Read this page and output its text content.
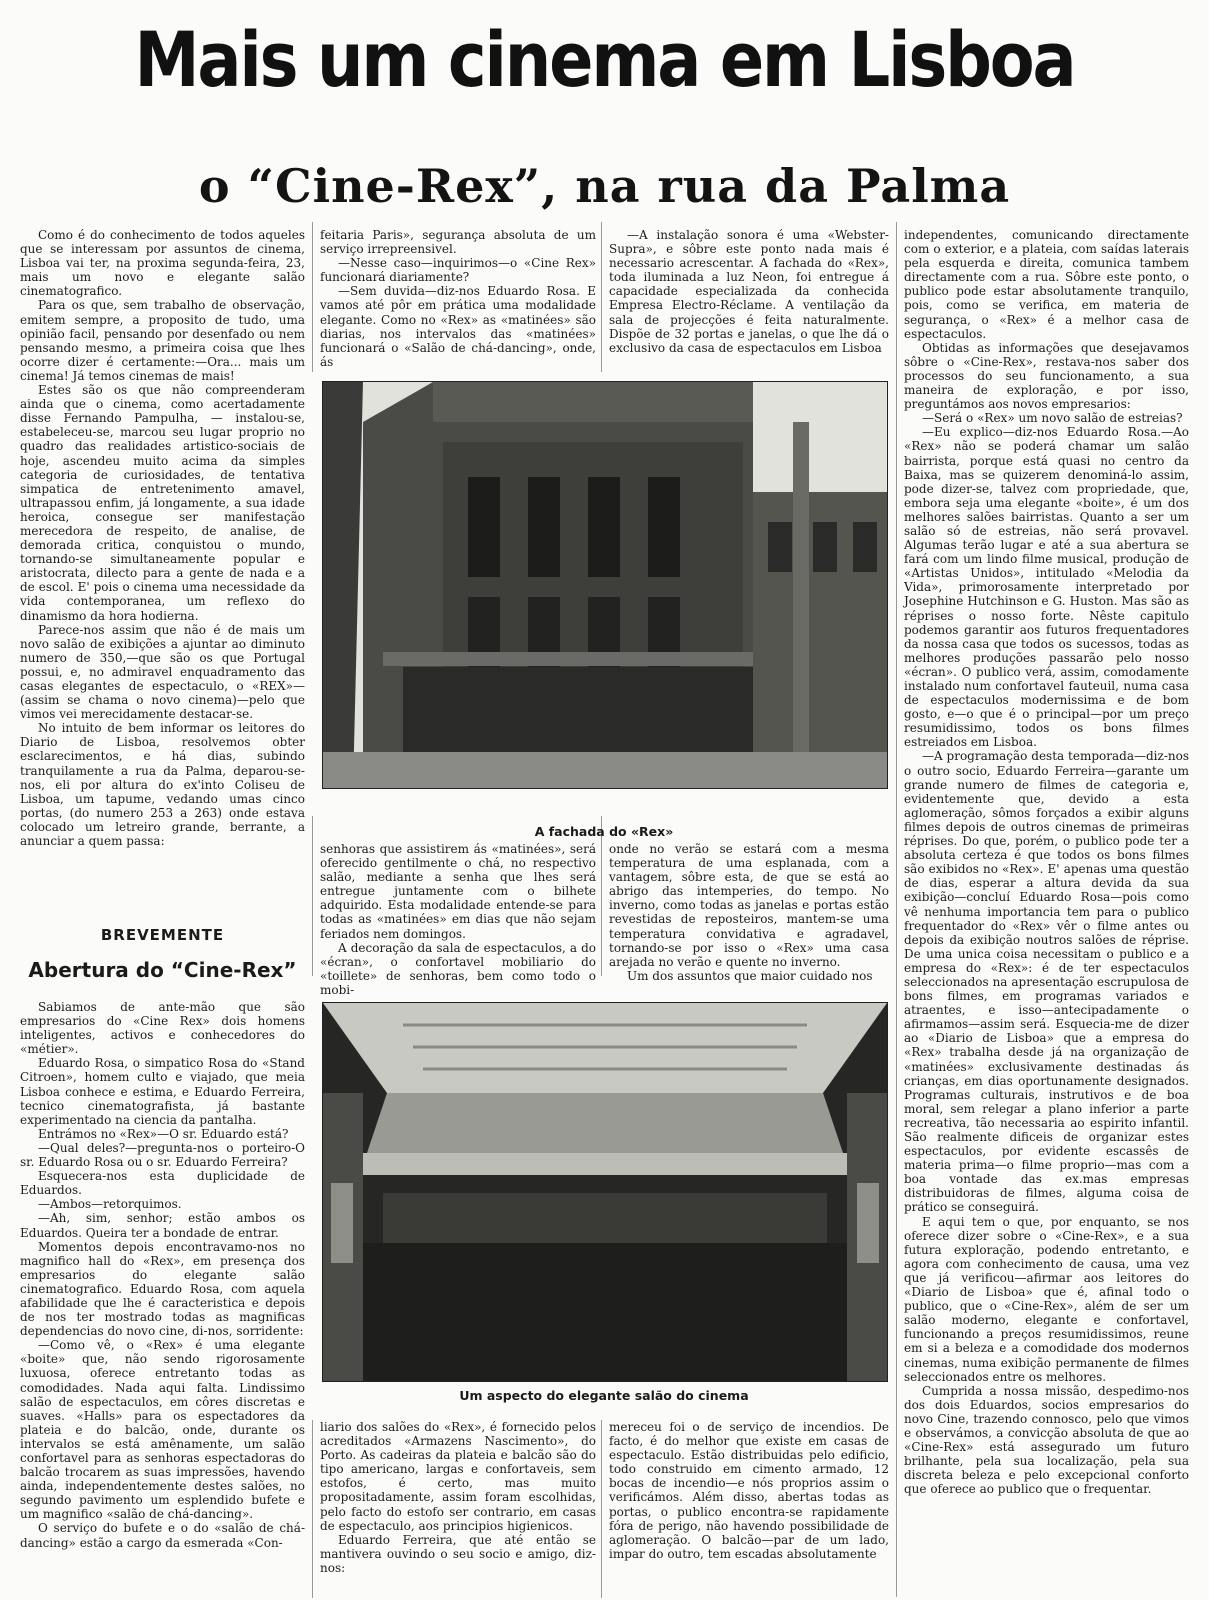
Mais um cinema em Lisboa
o “Cine-Rex”, na rua da Palma

Como é do conhecimento de todos aqueles que se interessam por assuntos de cinema, Lisboa vai ter, na proxima segunda-feira, 23, mais um novo e elegante salão cinematografico.

Para os que, sem trabalho de observação, emitem sempre, a proposito de tudo, uma opinião facil, pensando por desenfado ou nem pensando mesmo, a primeira coisa que lhes ocorre dizer é certamente:—Ora... mais um cinema! Já temos cinemas de mais!

Estes são os que não compreenderam ainda que o cinema, como acertadamente disse Fernando Pampulha, — instalou-se, estabeleceu-se, marcou seu lugar proprio no quadro das realidades artistico-sociais de hoje, ascendeu muito acima da simples categoria de curiosidades, de tentativa simpatica de entretenimento amavel, ultrapassou enfim, já longamente, a sua idade heroica, consegue ser manifestação merecedora de respeito, de analise, de demorada critica, conquistou o mundo, tornando-se simultaneamente popular e aristocrata, dilecto para a gente de nada e a de escol. E' pois o cinema uma necessidade da vida contemporanea, um reflexo do dinamismo da hora hodierna.

Parece-nos assim que não é de mais um novo salão de exibições a ajuntar ao diminuto numero de 350,—que são os que Portugal possui, e, no admiravel enquadramento das casas elegantes de espectaculo, o «REX»—(assim se chama o novo cinema)—pelo que vimos vei merecidamente destacar-se.

No intuito de bem informar os leitores do Diario de Lisboa, resolvemos obter esclarecimentos, e há dias, subindo tranquilamente a rua da Palma, deparou-se-nos, eli por altura do ex'into Coliseu de Lisboa, um tapume, vedando umas cinco portas, (do numero 253 a 263) onde estava colocado um letreiro grande, berrante, a anunciar a quem passa:

BREVEMENTE
Abertura do “Cine-Rex”

Sabiamos de ante-mão que são empresarios do «Cine Rex» dois homens inteligentes, activos e conhecedores do «métier».

Eduardo Rosa, o simpatico Rosa do «Stand Citroen», homem culto e viajado, que meia Lisboa conhece e estima, e Eduardo Ferreira, tecnico cinematografista, já bastante experimentado na ciencia da pantalha.

Entrámos no «Rex»—O sr. Eduardo está?

—Qual deles?—pregunta-nos o porteiro-O sr. Eduardo Rosa ou o sr. Eduardo Ferreira?

Esquecera-nos esta duplicidade de Eduardos.

—Ambos—retorquimos.

—Ah, sim, senhor; estão ambos os Eduardos. Queira ter a bondade de entrar.

Momentos depois encontravamo-nos no magnifico hall do «Rex», em presença dos empresarios do elegante salão cinematografico. Eduardo Rosa, com aquela afabilidade que lhe é caracteristica e depois de nos ter mostrado todas as magnificas dependencias do novo cine, di-nos, sorridente:

—Como vê, o «Rex» é uma elegante «boite» que, não sendo rigorosamente luxuosa, oferece entretanto todas as comodidades. Nada aqui falta. Lindissimo salão de espectaculos, em côres discretas e suaves. «Halls» para os espectadores da plateia e do balcão, onde, durante os intervalos se está amênamente, um salão confortavel para as senhoras espectadoras do balcão trocarem as suas impressões, havendo ainda, independentemente destes salões, no segundo pavimento um esplendido bufete e um magnifico «salão de chá-dancing».

O serviço do bufete e o do «salão de chá-dancing» estão a cargo da esmerada «Con-

feitaria Paris», segurança absoluta de um serviço irrepreensivel.

—Nesse caso—inquirimos—o «Cine Rex» funcionará diariamente?

—Sem duvida—diz-nos Eduardo Rosa. E vamos até pôr em prática uma modalidade elegante. Como no «Rex» as «matinées» são diarias, nos intervalos das «matinées» funcionará o «Salão de chá-dancing», onde, ás

—A instalação sonora é uma «Webster-Supra», e sôbre este ponto nada mais é necessario acrescentar. A fachada do «Rex», toda iluminada a luz Neon, foi entregue á capacidade especializada da conhecida Empresa Electro-Réclame. A ventilação da sala de projecções é feita naturalmente. Dispõe de 32 portas e janelas, o que lhe dá o exclusivo da casa de espectaculos em Lisboa

A fachada do «Rex»

senhoras que assistirem ás «matinées», será oferecido gentilmente o chá, no respectivo salão, mediante a senha que lhes será entregue juntamente com o bilhete adquirido. Esta modalidade entende-se para todas as «matinées» em dias que não sejam feriados nem domingos.

A decoração da sala de espectaculos, a do «écran», o confortavel mobiliario do «toillete» de senhoras, bem como todo o mobi-

onde no verão se estará com a mesma temperatura de uma esplanada, com a vantagem, sôbre esta, de que se está ao abrigo das intemperies, do tempo. No inverno, como todas as janelas e portas estão revestidas de reposteiros, mantem-se uma temperatura convidativa e agradavel, tornando-se por isso o «Rex» uma casa arejada no verão e quente no inverno.

Um dos assuntos que maior cuidado nos

Um aspecto do elegante salão do cinema

liario dos salões do «Rex», é fornecido pelos acreditados «Armazens Nascimento», do Porto. As cadeiras da plateia e balcão são do tipo americano, largas e confortaveis, sem estofos, é certo, mas muito propositadamente, assim foram escolhidas, pelo facto do estofo ser contrario, em casas de espectaculo, aos principios higienicos.

Eduardo Ferreira, que até então se mantivera ouvindo o seu socio e amigo, diz-nos:

mereceu foi o de serviço de incendios. De facto, é do melhor que existe em casas de espectaculo. Estão distribuidas pelo edificio, todo construido em cimento armado, 12 bocas de incendio—e nós proprios assim o verificámos. Além disso, abertas todas as portas, o publico encontra-se rapidamente fóra de perigo, não havendo possibilidade de aglomeração. O balcão—par de um lado, impar do outro, tem escadas absolutamente

independentes, comunicando directamente com o exterior, e a plateia, com saídas laterais pela esquerda e direita, comunica tambem directamente com a rua. Sôbre este ponto, o publico pode estar absolutamente tranquilo, pois, como se verifica, em materia de segurança, o «Rex» é a melhor casa de espectaculos.

Obtidas as informações que desejavamos sôbre o «Cine-Rex», restava-nos saber dos processos do seu funcionamento, a sua maneira de exploração, e por isso, preguntámos aos novos empresarios:

—Será o «Rex» um novo salão de estreias?

—Eu explico—diz-nos Eduardo Rosa.—Ao «Rex» não se poderá chamar um salão bairrista, porque está quasi no centro da Baixa, mas se quizerem denominá-lo assim, pode dizer-se, talvez com propriedade, que, embora seja uma elegante «boite», é um dos melhores salões bairristas. Quanto a ser um salão só de estreias, não será provavel. Algumas terão lugar e até a sua abertura se fará com um lindo filme musical, produção de «Artistas Unidos», intitulado «Melodia da Vida», primorosamente interpretado por Josephine Hutchinson e G. Huston. Mas são as réprises o nosso forte. Nêste capitulo podemos garantir aos futuros frequentadores da nossa casa que todos os sucessos, todas as melhores produções passarão pelo nosso «écran». O publico verá, assim, comodamente instalado num confortavel fauteuil, numa casa de espectaculos modernissima e de bom gosto, e—o que é o principal—por um preço resumidissimo, todos os bons filmes estreiados em Lisboa.

—A programação desta temporada—diz-nos o outro socio, Eduardo Ferreira—garante um grande numero de filmes de categoria e, evidentemente que, devido a esta aglomeração, sômos forçados a exibir alguns filmes depois de outros cinemas de primeiras réprises. Do que, porém, o publico pode ter a absoluta certeza é que todos os bons filmes são exibidos no «Rex». E' apenas uma questão de dias, esperar a altura devida da sua exibição—concluí Eduardo Rosa—pois como vê nenhuma importancia tem para o publico frequentador do «Rex» vêr o filme antes ou depois da exibição noutros salões de réprise. De uma unica coisa necessitam o publico e a empresa do «Rex»: é de ter espectaculos seleccionados na apresentação escrupulosa de bons filmes, em programas variados e atraentes, e isso—antecipadamente o afirmamos—assim será. Esquecia-me de dizer ao «Diario de Lisboa» que a empresa do «Rex» trabalha desde já na organização de «matinées» exclusivamente destinadas ás crianças, em dias oportunamente designados. Programas culturais, instrutivos e de boa moral, sem relegar a plano inferior a parte recreativa, tão necessaria ao espirito infantil. São realmente dificeis de organizar estes espectaculos, por evidente escassês de materia prima—o filme proprio—mas com a boa vontade das ex.mas empresas distribuidoras de filmes, alguma coisa de prático se conseguirá.

E aqui tem o que, por enquanto, se nos oferece dizer sobre o «Cine-Rex», e a sua futura exploração, podendo entretanto, e agora com conhecimento de causa, uma vez que já verificou—afirmar aos leitores do «Diario de Lisboa» que é, afinal todo o publico, que o «Cine-Rex», além de ser um salão moderno, elegante e confortavel, funcionando a preços resumidissimos, reune em si a beleza e a comodidade dos modernos cinemas, numa exibição permanente de filmes seleccionados entre os melhores.

Cumprida a nossa missão, despedimo-nos dos dois Eduardos, socios empresarios do novo Cine, trazendo connosco, pelo que vimos e observámos, a convicção absoluta de que ao «Cine-Rex» está assegurado um futuro brilhante, pela sua localização, pela sua discreta beleza e pelo excepcional conforto que oferece ao publico que o frequentar.
